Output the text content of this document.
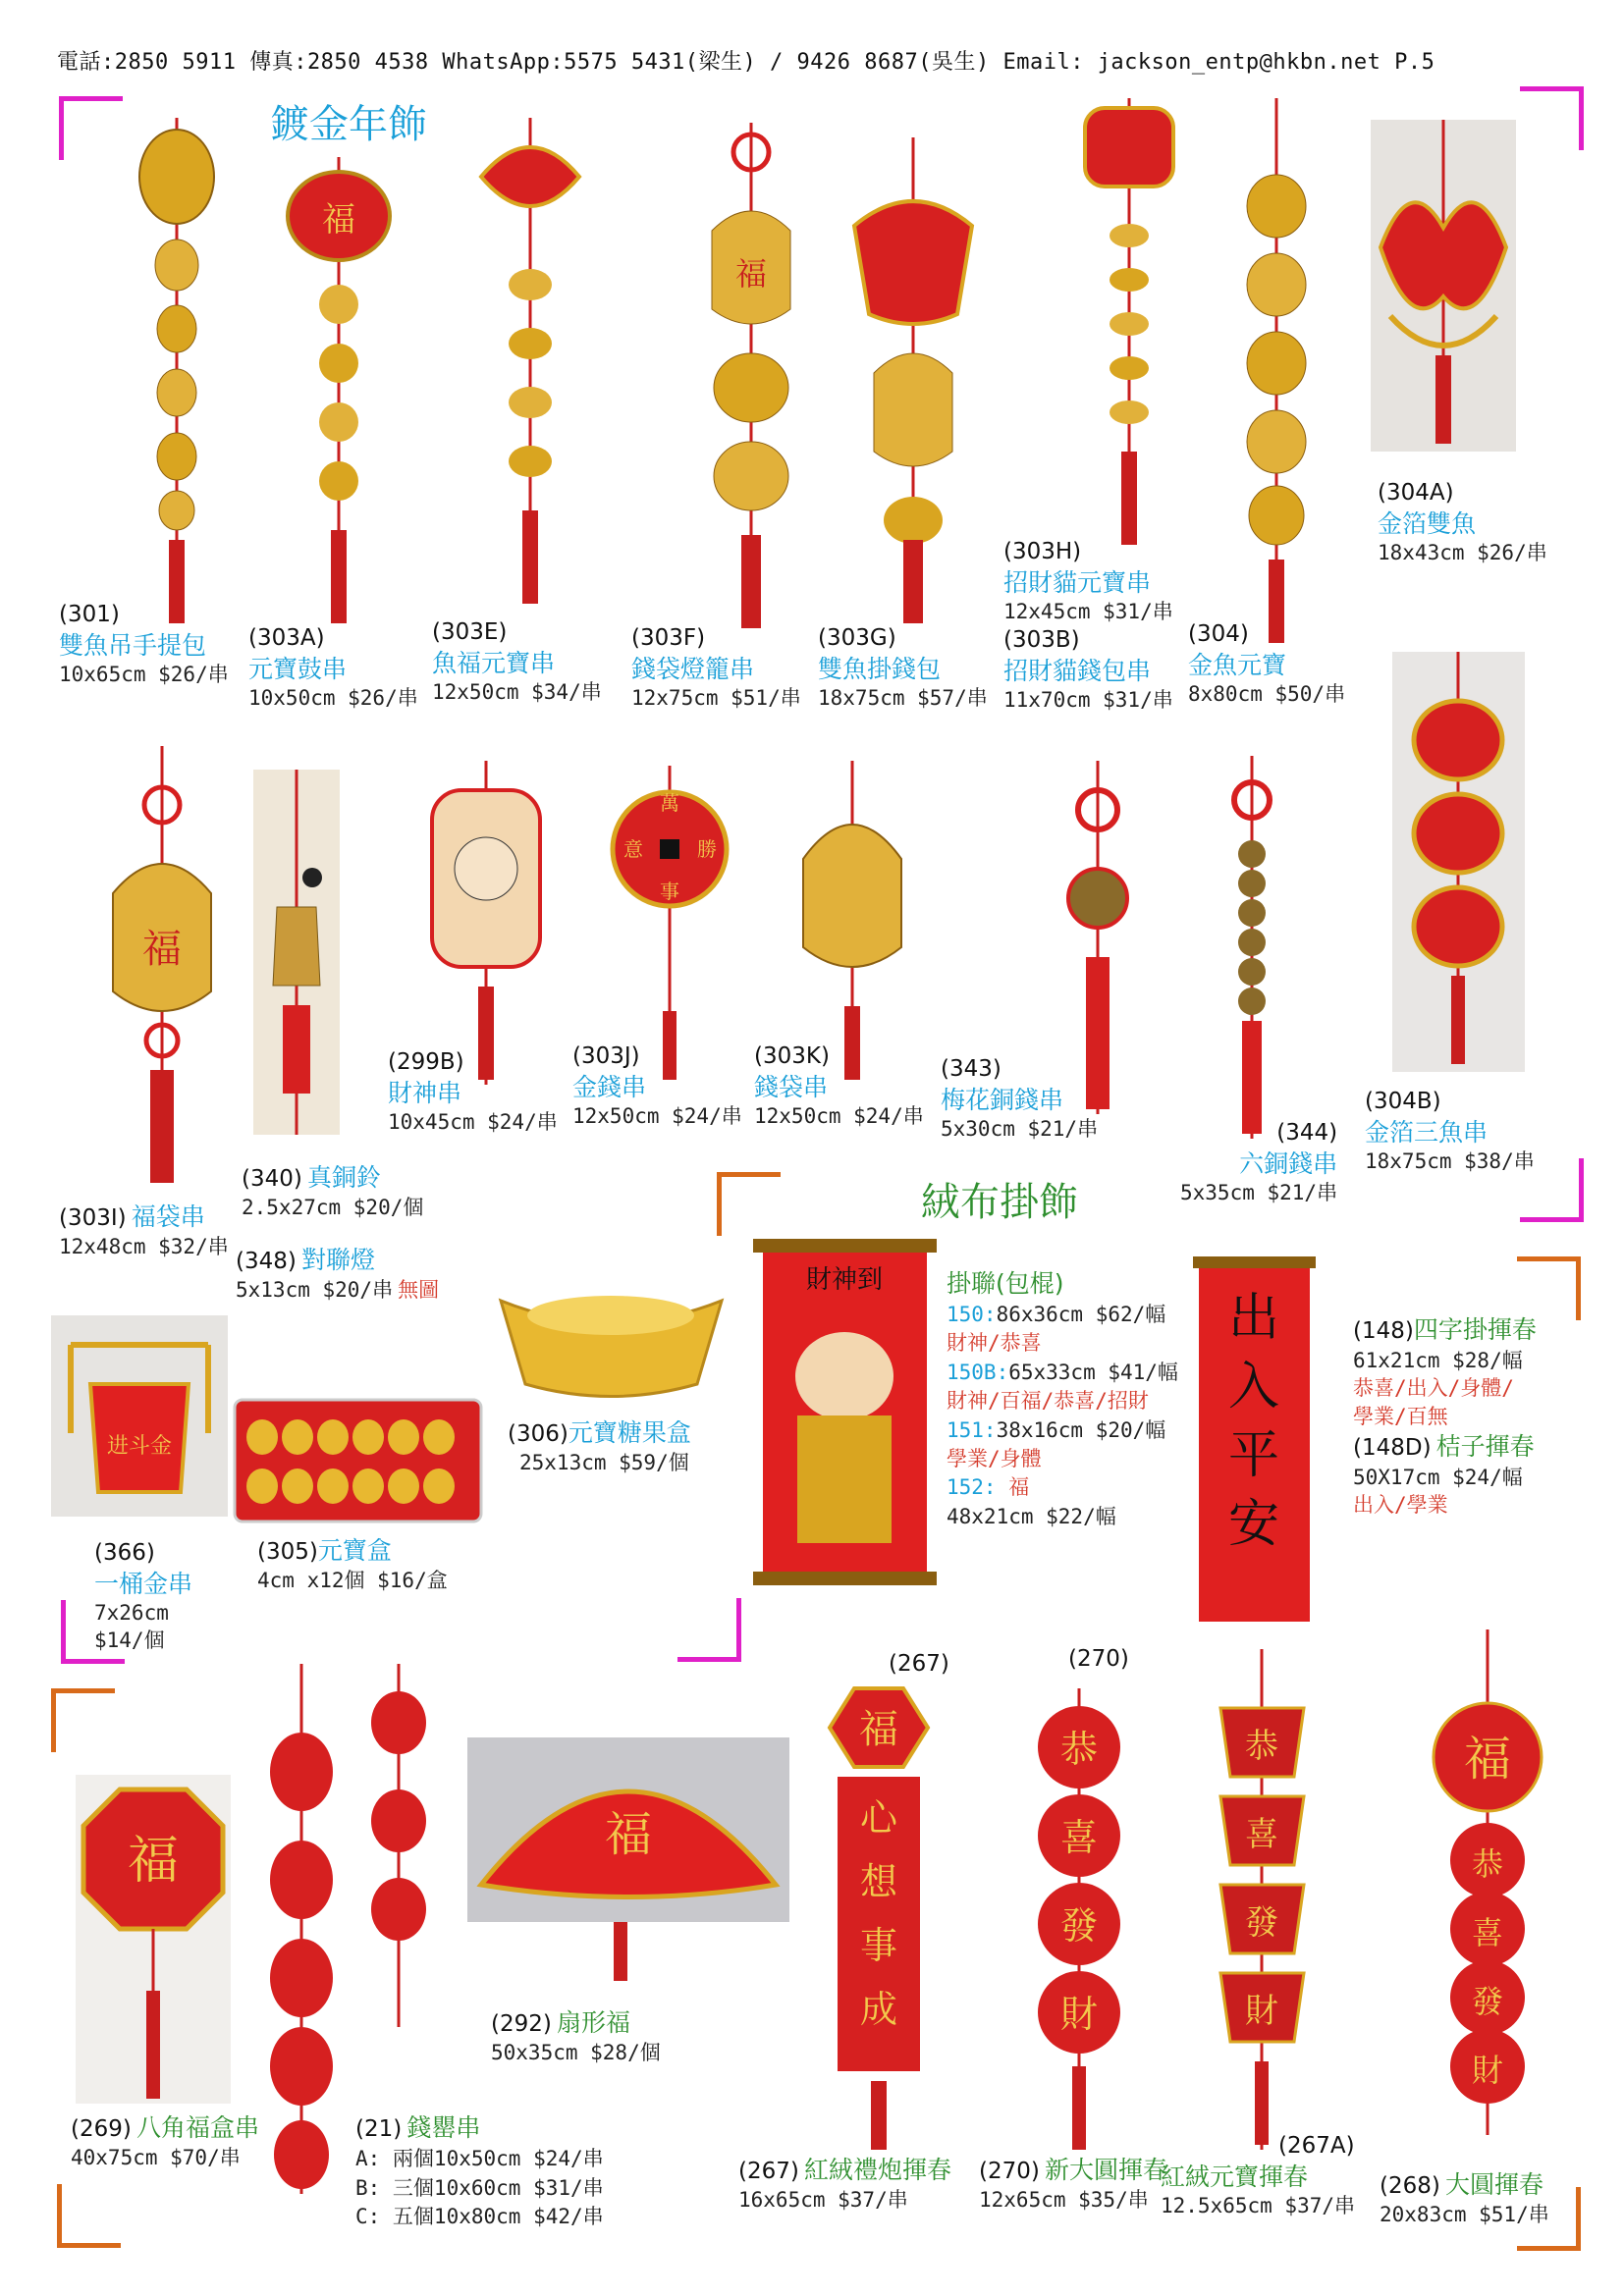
電話:2850 5911 傳真:2850 4538 WhatsApp:5575 5431(梁生) / 9426 8687(吳生) Email: jackson_entp@hkbn.net P.5
鍍金年飾
絨布掛飾
福
福
(301)
雙魚吊手提包
10x65cm $26/串
(303A)
元寶鼓串
10x50cm $26/串
(303E)
魚福元寶串
12x50cm $34/串
(303F)
錢袋燈籠串
12x75cm $51/串
(303G)
雙魚掛錢包
18x75cm $57/串
(303H)
招財貓元寶串
12x45cm $31/串
(303B)
招財貓錢包串
11x70cm $31/串
(304)
金魚元寶
8x80cm $50/串
(304A)
金箔雙魚
18x43cm $26/串
福
萬
勝
事
意
(299B)
財神串
10x45cm $24/串
(303J)
金錢串
12x50cm $24/串
(303K)
錢袋串
12x50cm $24/串
(343)
梅花銅錢串
5x30cm $21/串	(344)
六銅錢串
5x35cm $21/串
(304B)
金箔三魚串
18x75cm $38/串
(303I) 福袋串
12x48cm $32/串
(340) 真銅鈴
2.5x27cm $20/個
(348) 對聯燈
5x13cm $20/串 無圖
(306)元寶糖果盒
25x13cm $59/個
进斗金
(366)
一桶金串
7x26cm
$14/個
(305)元寶盒
4cm x12個 $16/盒
財神到	掛聯(包棍)
150:86x36cm $62/幅
財神/恭喜
150B:65x33cm $41/幅
財神/百福/恭喜/招財
151:38x16cm $20/幅
學業/身體
152: 福
48x21cm $22/幅
出
入
平
安
(148)四字掛揮春
61x21cm $28/幅
恭喜/出入/身體/
學業/百無
(148D) 桔子揮春
50X17cm $24/幅
出入/學業
福
(269) 八角福盒串
40x75cm $70/串
(21) 錢罌串
A: 兩個10x50cm $24/串
B: 三個10x60cm $31/串
C: 五個10x80cm $42/串
福
(292) 扇形福
50x35cm $28/個
(267)
福
心
想
事
成
(267) 紅絨禮炮揮春
16x65cm $37/串
(270)
恭
喜
發
財
(270) 新大圓揮春
12x65cm $35/串
恭
喜
發
財
(267A)
紅絨元寶揮春
12.5x65cm $37/串
福
恭
喜
發
財
(268) 大圓揮春
20x83cm $51/串
